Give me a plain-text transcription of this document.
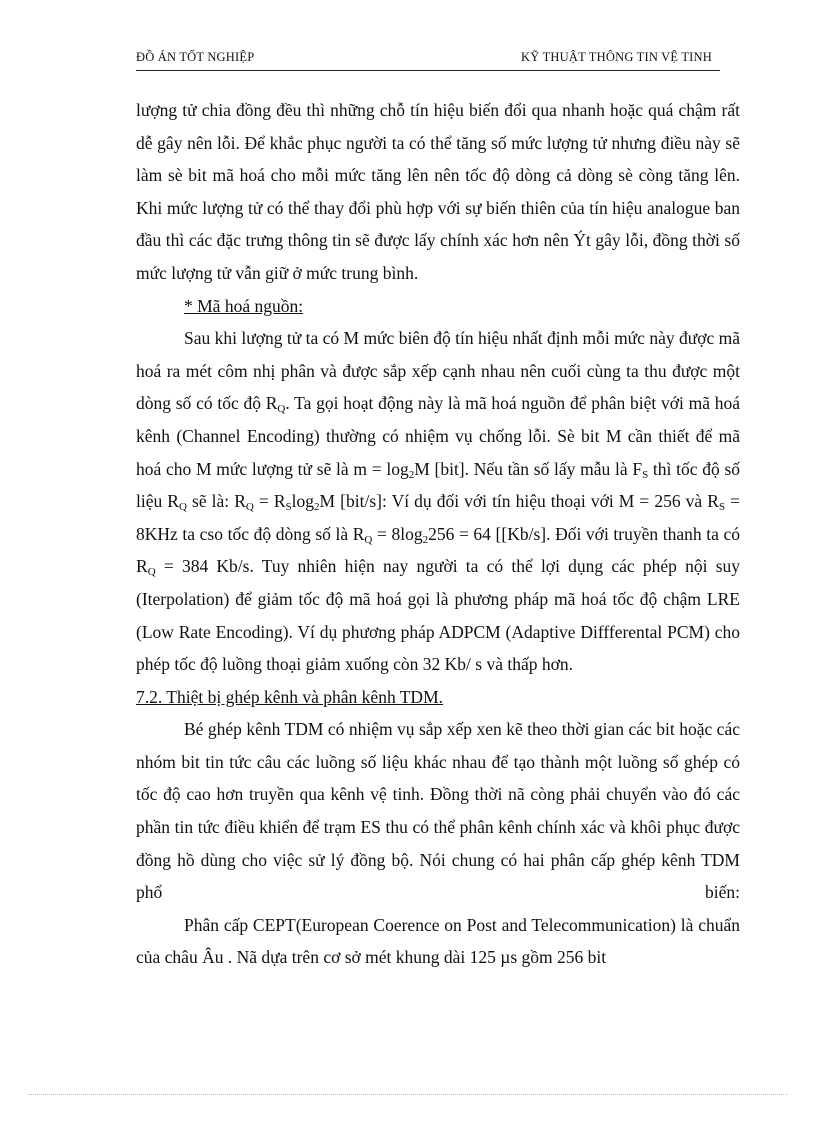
ĐỒ ÁN TỐT NGHIỆP	KỸ THUẬT THÔNG TIN VỆ TINH

lượng tử chia đồng đều thì những chỗ tín hiệu biến đổi qua nhanh hoặc quá chậm rất dễ gây nên lỗi. Để khắc phục người ta có thể tăng số mức lượng tử nhưng điều này sẽ làm sè bit mã hoá cho mỗi mức tăng lên nên tốc độ dòng cả dòng sè còng tăng lên. Khi mức lượng tử có thể thay đổi phù hợp với sự biến thiên của tín hiệu analogue ban đầu thì các đặc trưng thông tin sẽ được lấy chính xác hơn nên Ýt gây lỗi, đồng thời số mức lượng tử vẫn giữ ở mức trung bình.

* Mã hoá nguồn:

Sau khi lượng tử ta có M mức biên độ tín hiệu nhất định mỗi mức này được mã hoá ra mét côm nhị phân và được sắp xếp cạnh nhau nên cuối cùng ta thu được một dòng số có tốc độ $R_Q$. Ta gọi hoạt động này là mã hoá nguồn để phân biệt với mã hoá kênh (Channel Encoding) thường có nhiệm vụ chống lỗi. Sè bit M cần thiết để mã hoá cho M mức lượng tử sẽ là $m = \log_2M$ [bit]. Nếu tần số lấy mẫu là $F_S$ thì tốc độ số liệu $R_Q$ sẽ là: $R_Q = R_S\log_2M$ [bit/s]: Ví dụ đối với tín hiệu thoại với M = 256 và $R_S = 8KHz$ ta cso tốc độ dòng số là $R_Q = 8\log_2256 = 64$ [[Kb/s]. Đối với truyền thanh ta có $R_Q = 384$ Kb/s. Tuy nhiên hiện nay người ta có thể lợi dụng các phép nội suy (Iterpolation) để giảm tốc độ mã hoá gọi là phương pháp mã hoá tốc độ chậm LRE (Low Rate Encoding). Ví dụ phương pháp ADPCM (Adaptive Diffferental PCM) cho phép tốc độ luồng thoại giảm xuống còn 32 Kb/ s và thấp hơn.

7.2. Thiệt bị ghép kênh và phân kênh TDM.

Bé ghép kênh TDM có nhiệm vụ sắp xếp xen kẽ theo thời gian các bit hoặc các nhóm bit tin tức câu các luồng số liệu khác nhau để tạo thành một luồng số ghép có tốc độ cao hơn truyền qua kênh vệ tinh. Đồng thời nã còng phải chuyển vào đó các phần tin tức điều khiển để trạm ES thu có thể phân kênh chính xác và khôi phục được đồng hồ dùng cho việc sử lý đồng bộ. Nói chung có hai phân cấp ghép kênh TDM phổ biến:

Phân cấp CEPT(European Coerence on Post and Telecommunication) là chuẩn của châu Âu . Nã dựa trên cơ sở mét khung dài 125 µs gồm 256 bit
